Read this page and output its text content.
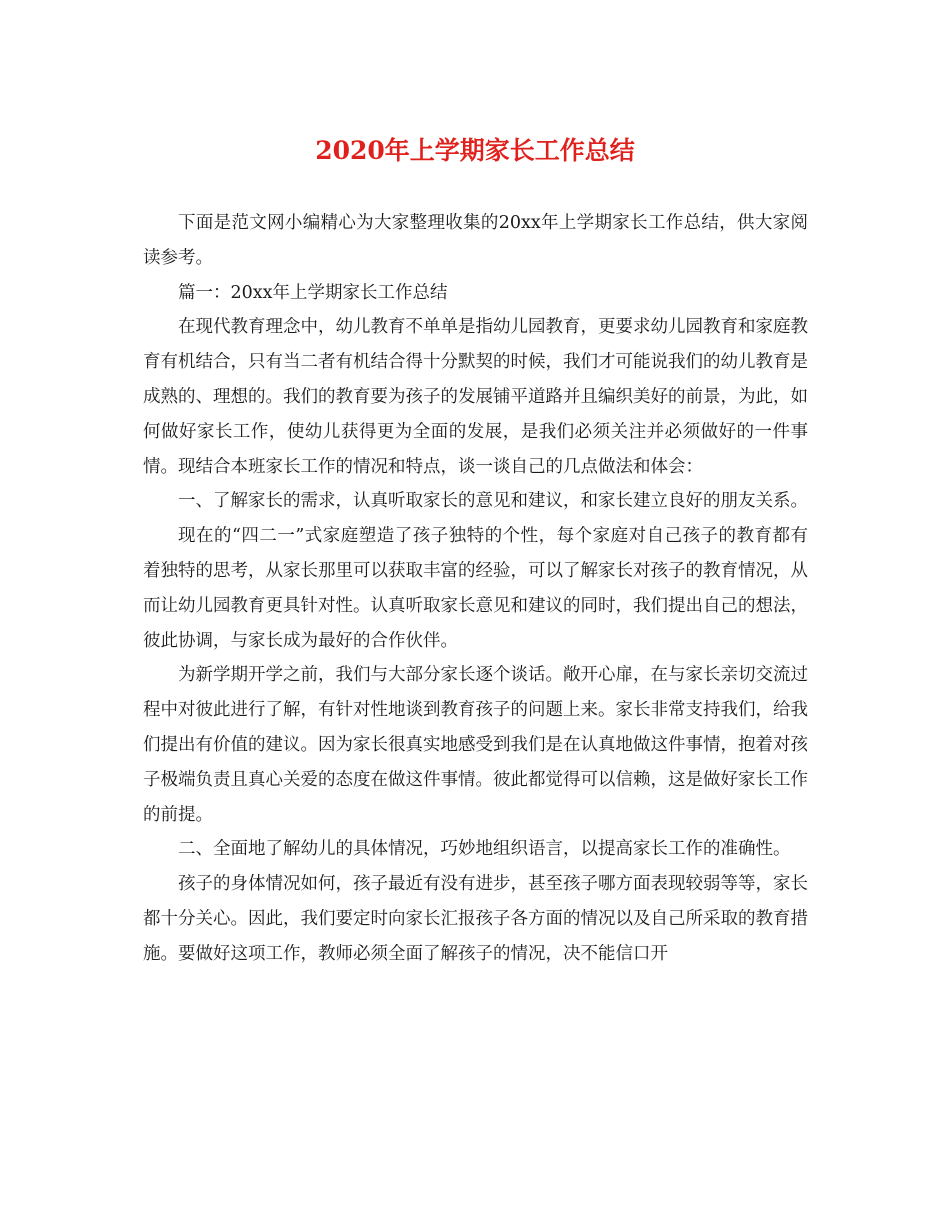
2020年上学期家长工作总结

下面是范文网小编精心为大家整理收集的20xx年上学期家长工作总结，供大家阅读参考。

篇一：20xx年上学期家长工作总结

在现代教育理念中，幼儿教育不单单是指幼儿园教育，更要求幼儿园教育和家庭教育有机结合，只有当二者有机结合得十分默契的时候，我们才可能说我们的幼儿教育是成熟的、理想的。我们的教育要为孩子的发展铺平道路并且编织美好的前景，为此，如何做好家长工作，使幼儿获得更为全面的发展，是我们必须关注并必须做好的一件事情。现结合本班家长工作的情况和特点，谈一谈自己的几点做法和体会：

一、了解家长的需求，认真听取家长的意见和建议，和家长建立良好的朋友关系。

现在的“四二一”式家庭塑造了孩子独特的个性，每个家庭对自己孩子的教育都有着独特的思考，从家长那里可以获取丰富的经验，可以了解家长对孩子的教育情况，从而让幼儿园教育更具针对性。认真听取家长意见和建议的同时，我们提出自己的想法，彼此协调，与家长成为最好的合作伙伴。

为新学期开学之前，我们与大部分家长逐个谈话。敞开心扉，在与家长亲切交流过程中对彼此进行了解，有针对性地谈到教育孩子的问题上来。家长非常支持我们，给我们提出有价值的建议。因为家长很真实地感受到我们是在认真地做这件事情，抱着对孩子极端负责且真心关爱的态度在做这件事情。彼此都觉得可以信赖，这是做好家长工作的前提。

二、全面地了解幼儿的具体情况，巧妙地组织语言，以提高家长工作的准确性。

孩子的身体情况如何，孩子最近有没有进步，甚至孩子哪方面表现较弱等等，家长都十分关心。因此，我们要定时向家长汇报孩子各方面的情况以及自己所采取的教育措施。要做好这项工作，教师必须全面了解孩子的情况，决不能信口开
